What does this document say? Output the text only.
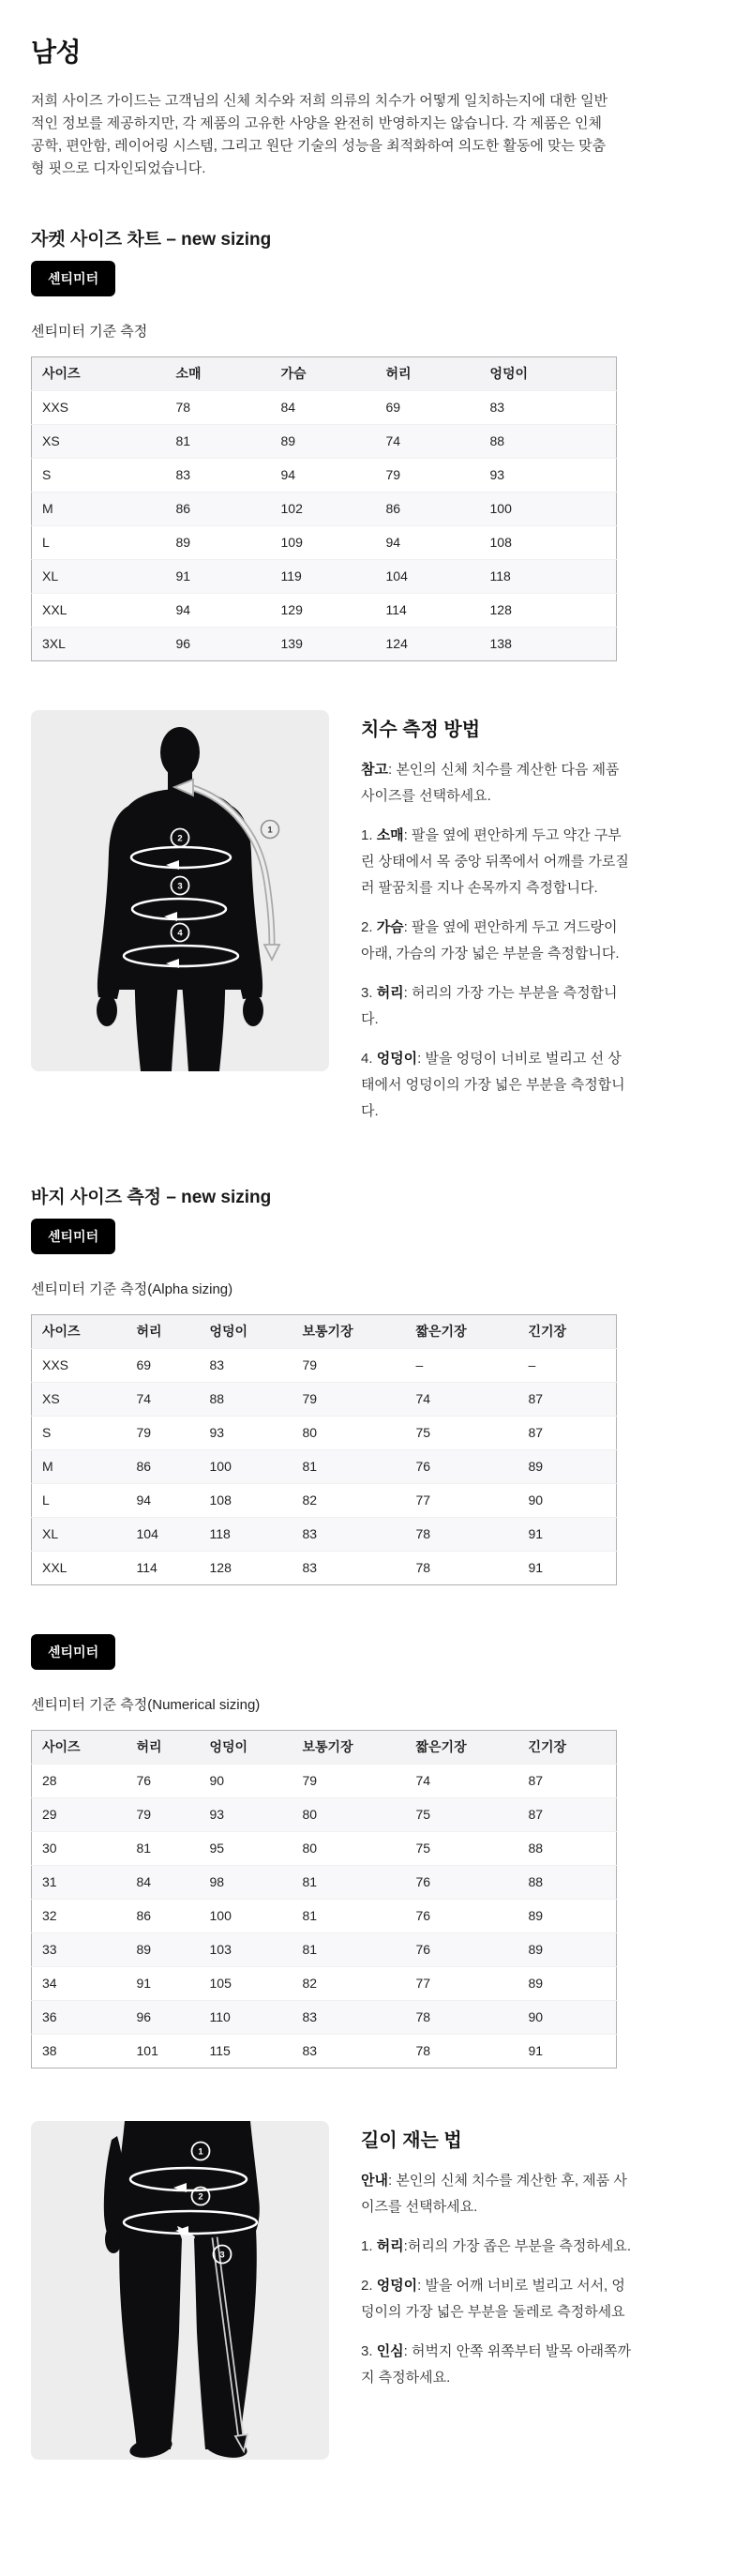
남성

저희 사이즈 가이드는 고객님의 신체 치수와 저희 의류의 치수가 어떻게 일치하는지에 대한 일반적인 정보를 제공하지만, 각 제품의 고유한 사양을 완전히 반영하지는 않습니다. 각 제품은 인체공학, 편안함, 레이어링 시스템, 그리고 원단 기술의 성능을 최적화하여 의도한 활동에 맞는 맞춤형 핏으로 디자인되었습니다.

자켓 사이즈 차트 – new sizing
센티미터
센티미터 기준 측정
사이즈	소매	가슴	허리	엉덩이
XXS	78	84	69	83
XS	81	89	74	88
S	83	94	79	93
M	86	102	86	100
L	89	109	94	108
XL	91	119	104	118
XXL	94	129	114	128
3XL	96	139	124	138
1
2
3
4
치수 측정 방법

참고: 본인의 신체 치수를 계산한 다음 제품 사이즈를 선택하세요.

1. 소매: 팔을 옆에 편안하게 두고 약간 구부린 상태에서 목 중앙 뒤쪽에서 어깨를 가로질러 팔꿈치를 지나 손목까지 측정합니다.

2. 가슴: 팔을 옆에 편안하게 두고 겨드랑이 아래, 가슴의 가장 넓은 부분을 측정합니다.

3. 허리: 허리의 가장 가는 부분을 측정합니다.

4. 엉덩이: 발을 엉덩이 너비로 벌리고 선 상태에서 엉덩이의 가장 넓은 부분을 측정합니다.

바지 사이즈 측정 – new sizing
센티미터
센티미터 기준 측정(Alpha sizing)
사이즈	허리	엉덩이	보통기장	짧은기장	긴기장
XXS	69	83	79	–	–
XS	74	88	79	74	87
S	79	93	80	75	87
M	86	100	81	76	89
L	94	108	82	77	90
XL	104	118	83	78	91
XXL	114	128	83	78	91
센티미터
센티미터 기준 측정(Numerical sizing)
사이즈	허리	엉덩이	보통기장	짧은기장	긴기장
28	76	90	79	74	87
29	79	93	80	75	87
30	81	95	80	75	88
31	84	98	81	76	88
32	86	100	81	76	89
33	89	103	81	76	89
34	91	105	82	77	89
36	96	110	83	78	90
38	101	115	83	78	91
1
2
3
길이 재는 법

안내: 본인의 신체 치수를 계산한 후, 제품 사이즈를 선택하세요.

1. 허리:허리의 가장 좁은 부분을 측정하세요.

2. 엉덩이: 발을 어깨 너비로 벌리고 서서, 엉덩이의 가장 넓은 부분을 둘레로 측정하세요

3. 인심: 허벅지 안쪽 위쪽부터 발목 아래쪽까지 측정하세요.
